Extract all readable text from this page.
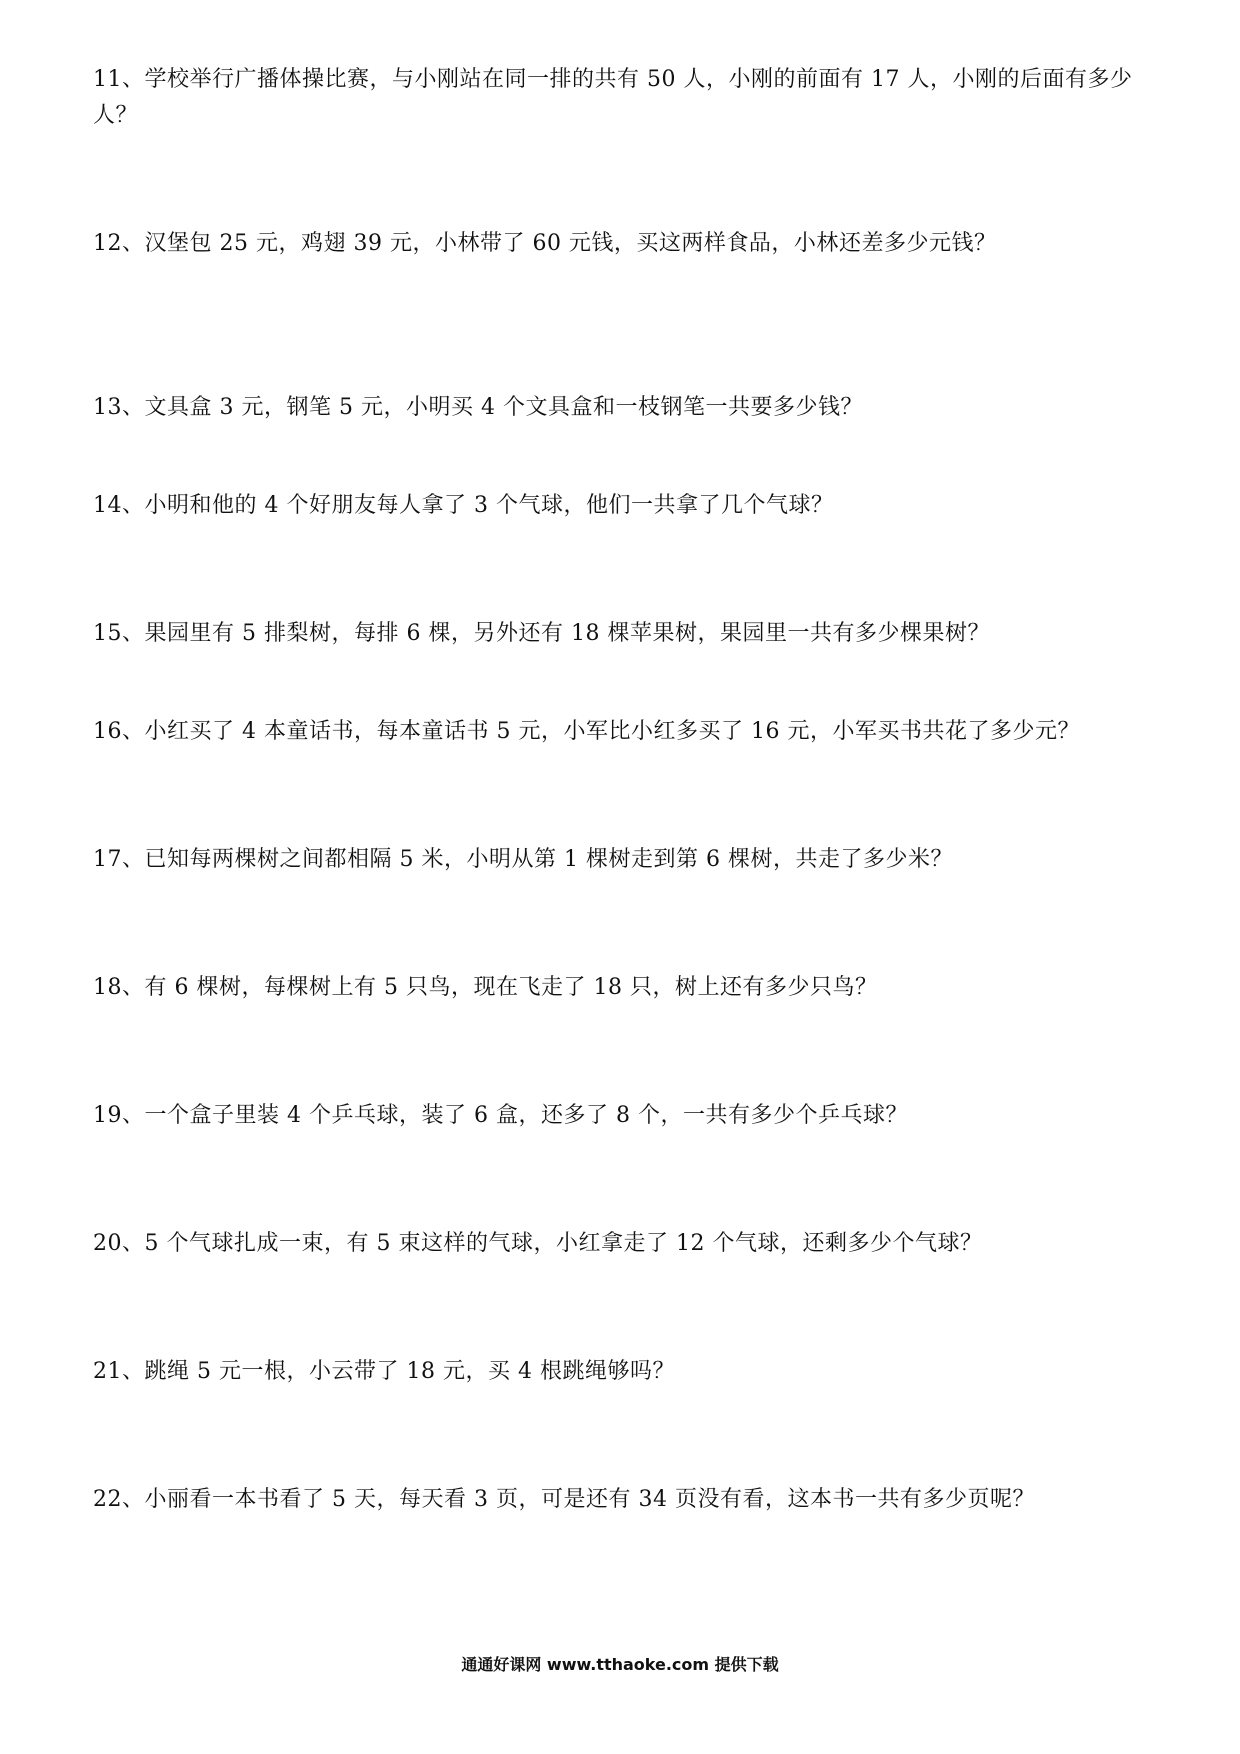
11、学校举行广播体操比赛，与小刚站在同一排的共有 50 人，小刚的前面有 17 人，小刚的后面有多少人？

12、汉堡包 25 元，鸡翅 39 元，小林带了 60 元钱，买这两样食品，小林还差多少元钱？

13、文具盒 3 元，钢笔 5 元，小明买 4 个文具盒和一枝钢笔一共要多少钱？

14、小明和他的 4 个好朋友每人拿了 3 个气球，他们一共拿了几个气球？

15、果园里有 5 排梨树，每排 6 棵，另外还有 18 棵苹果树，果园里一共有多少棵果树？

16、小红买了 4 本童话书，每本童话书 5 元，小军比小红多买了 16 元，小军买书共花了多少元？

17、已知每两棵树之间都相隔 5 米，小明从第 1 棵树走到第 6 棵树，共走了多少米？

18、有 6 棵树，每棵树上有 5 只鸟，现在飞走了 18 只，树上还有多少只鸟？

19、一个盒子里装 4 个乒乓球，装了 6 盒，还多了 8 个，一共有多少个乒乓球？

20、5 个气球扎成一束，有 5 束这样的气球，小红拿走了 12 个气球，还剩多少个气球？

21、跳绳 5 元一根，小云带了 18 元，买 4 根跳绳够吗？

22、小丽看一本书看了 5 天，每天看 3 页，可是还有 34 页没有看，这本书一共有多少页呢？

通通好课网 www.tthaoke.com 提供下载
